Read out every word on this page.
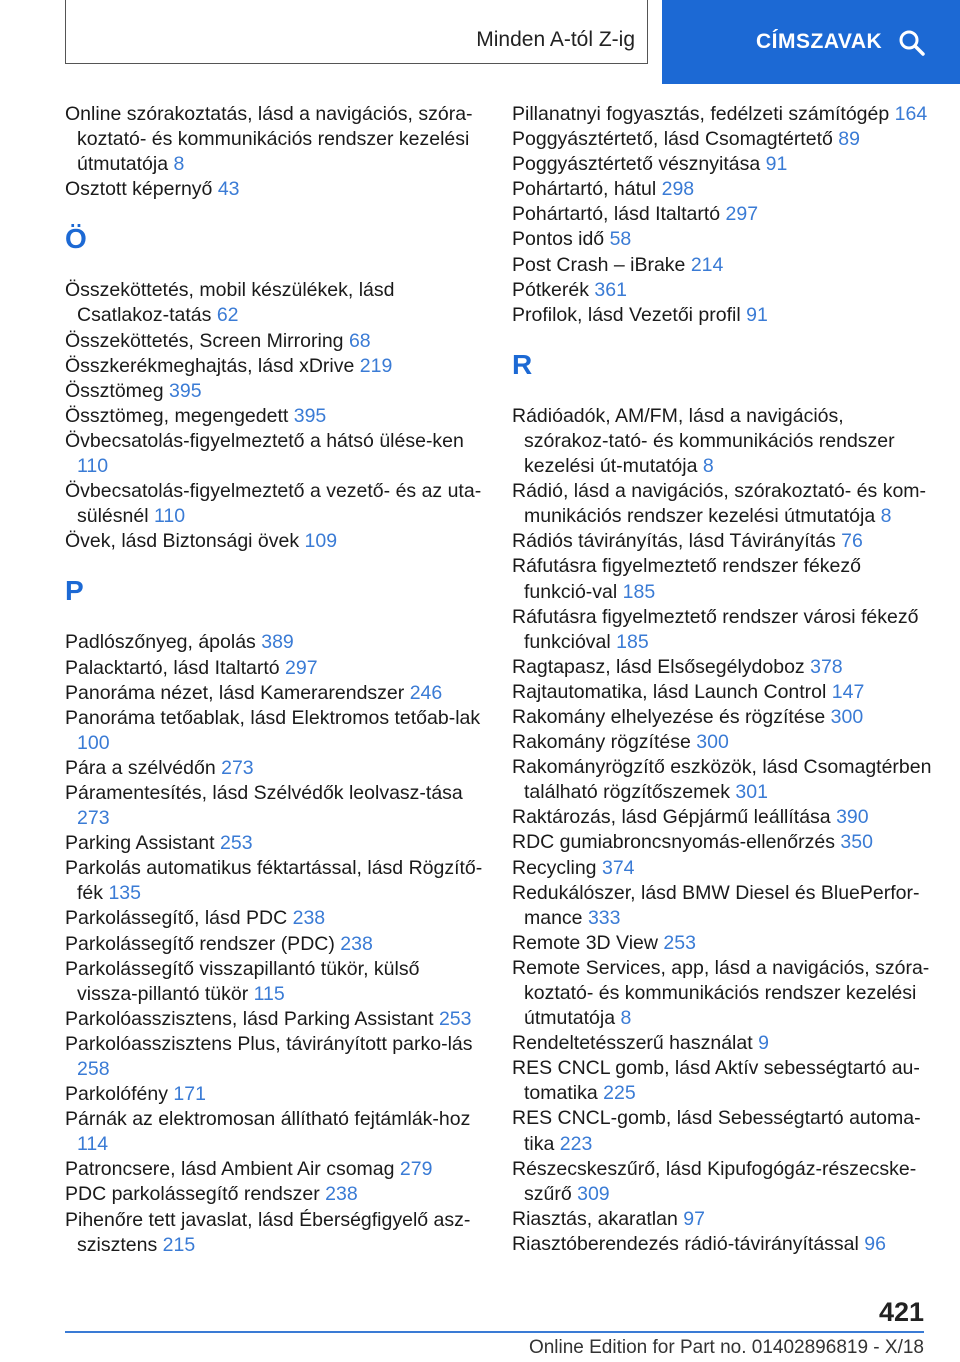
Minden A-tól Z-ig	CÍMSZAVAK
Online szórakoztatás, lásd a navigációs, szóra-koztató- és kommunikációs rendszer kezelési útmutatója 8
Osztott képernyő 43
Ö
Összeköttetés, mobil készülékek, lásd Csatlakoz-tatás 62
Összeköttetés, Screen Mirroring 68
Összkerékmeghajtás, lásd xDrive 219
Össztömeg 395
Össztömeg, megengedett 395
Övbecsatolás-figyelmeztető a hátsó ülése-ken 110
Övbecsatolás-figyelmeztető a vezető- és az uta-sülésnél 110
Övek, lásd Biztonsági övek 109
P
Padlószőnyeg, ápolás 389
Palacktartó, lásd Italtartó 297
Panoráma nézet, lásd Kamerarendszer 246
Panoráma tetőablak, lásd Elektromos tetőab-lak 100
Pára a szélvédőn 273
Páramentesítés, lásd Szélvédők leolvasz-tása 273
Parking Assistant 253
Parkolás automatikus féktartással, lásd Rögzítő-fék 135
Parkolássegítő, lásd PDC 238
Parkolássegítő rendszer (PDC) 238
Parkolássegítő visszapillantó tükör, külső vissza-pillantó tükör 115
Parkolóasszisztens, lásd Parking Assistant 253
Parkolóasszisztens Plus, távirányított parko-lás 258
Parkolófény 171
Párnák az elektromosan állítható fejtámlák-hoz 114
Patroncsere, lásd Ambient Air csomag 279
PDC parkolássegítő rendszer 238
Pihenőre tett javaslat, lásd Éberségfigyelő asz-szisztens 215
Pillanatnyi fogyasztás, fedélzeti számítógép 164
Poggyásztértető, lásd Csomagtértető 89
Poggyásztértető vésznyitása 91
Pohártartó, hátul 298
Pohártartó, lásd Italtartó 297
Pontos idő 58
Post Crash – iBrake 214
Pótkerék 361
Profilok, lásd Vezetői profil 91
R
Rádióadók, AM/FM, lásd a navigációs, szórakoz-tató- és kommunikációs rendszer kezelési út-mutatója 8
Rádió, lásd a navigációs, szórakoztató- és kom-munikációs rendszer kezelési útmutatója 8
Rádiós távirányítás, lásd Távirányítás 76
Ráfutásra figyelmeztető rendszer fékező funkció-val 185
Ráfutásra figyelmeztető rendszer városi fékező funkcióval 185
Ragtapasz, lásd Elsősegélydoboz 378
Rajtautomatika, lásd Launch Control 147
Rakomány elhelyezése és rögzítése 300
Rakomány rögzítése 300
Rakományrögzítő eszközök, lásd Csomagtérben található rögzítőszemek 301
Raktározás, lásd Gépjármű leállítása 390
RDC gumiabroncsnyomás-ellenőrzés 350
Recycling 374
Redukálószer, lásd BMW Diesel és BluePerfor-mance 333
Remote 3D View 253
Remote Services, app, lásd a navigációs, szóra-koztató- és kommunikációs rendszer kezelési útmutatója 8
Rendeltetésszerű használat 9
RES CNCL gomb, lásd Aktív sebességtartó au-tomatika 225
RES CNCL-gomb, lásd Sebességtartó automa-tika 223
Részecskeszűrő, lásd Kipufogógáz-részecske-szűrő 309
Riasztás, akaratlan 97
Riasztóberendezés rádió-távirányítással 96
421
Online Edition for Part no. 01402896819 - X/18
